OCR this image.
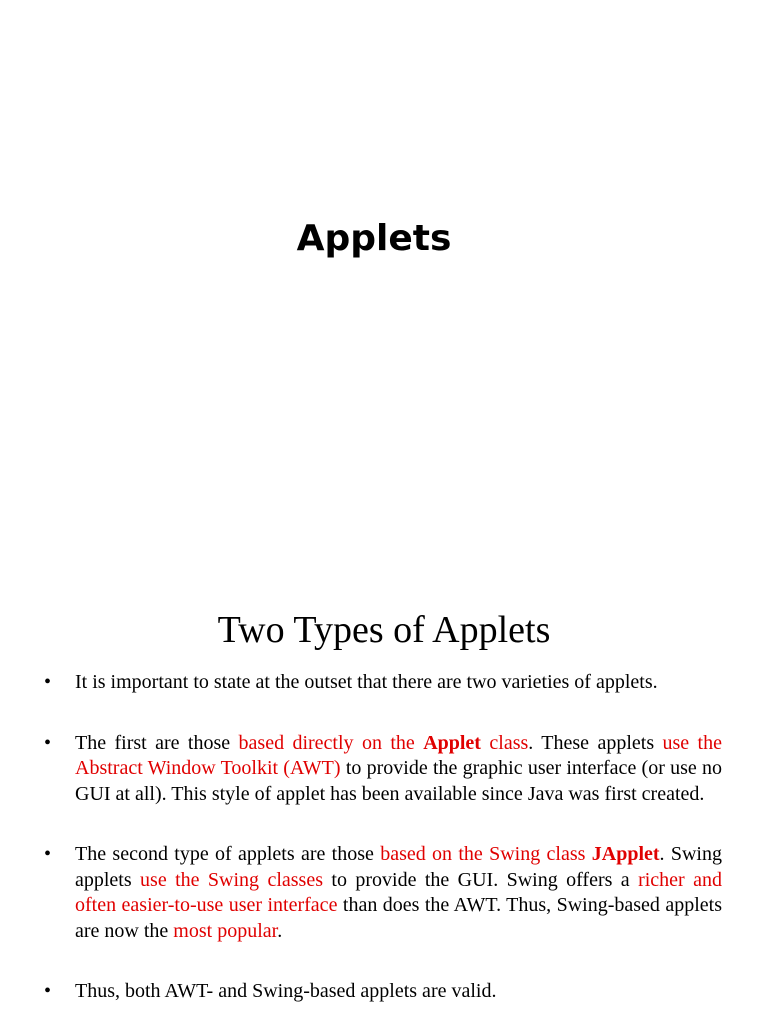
Applets
Two Types of Applets
• It is important to state at the outset that there are two varieties of applets.
• The first are those based directly on the Applet class. These applets use the Abstract Window Toolkit (AWT) to provide the graphic user interface (or use no GUI at all). This style of applet has been available since Java was first created.
• The second type of applets are those based on the Swing class JApplet. Swing applets use the Swing classes to provide the GUI. Swing offers a richer and often easier-to-use user interface than does the AWT. Thus, Swing-based applets are now the most popular.
• Thus, both AWT- and Swing-based applets are valid.
